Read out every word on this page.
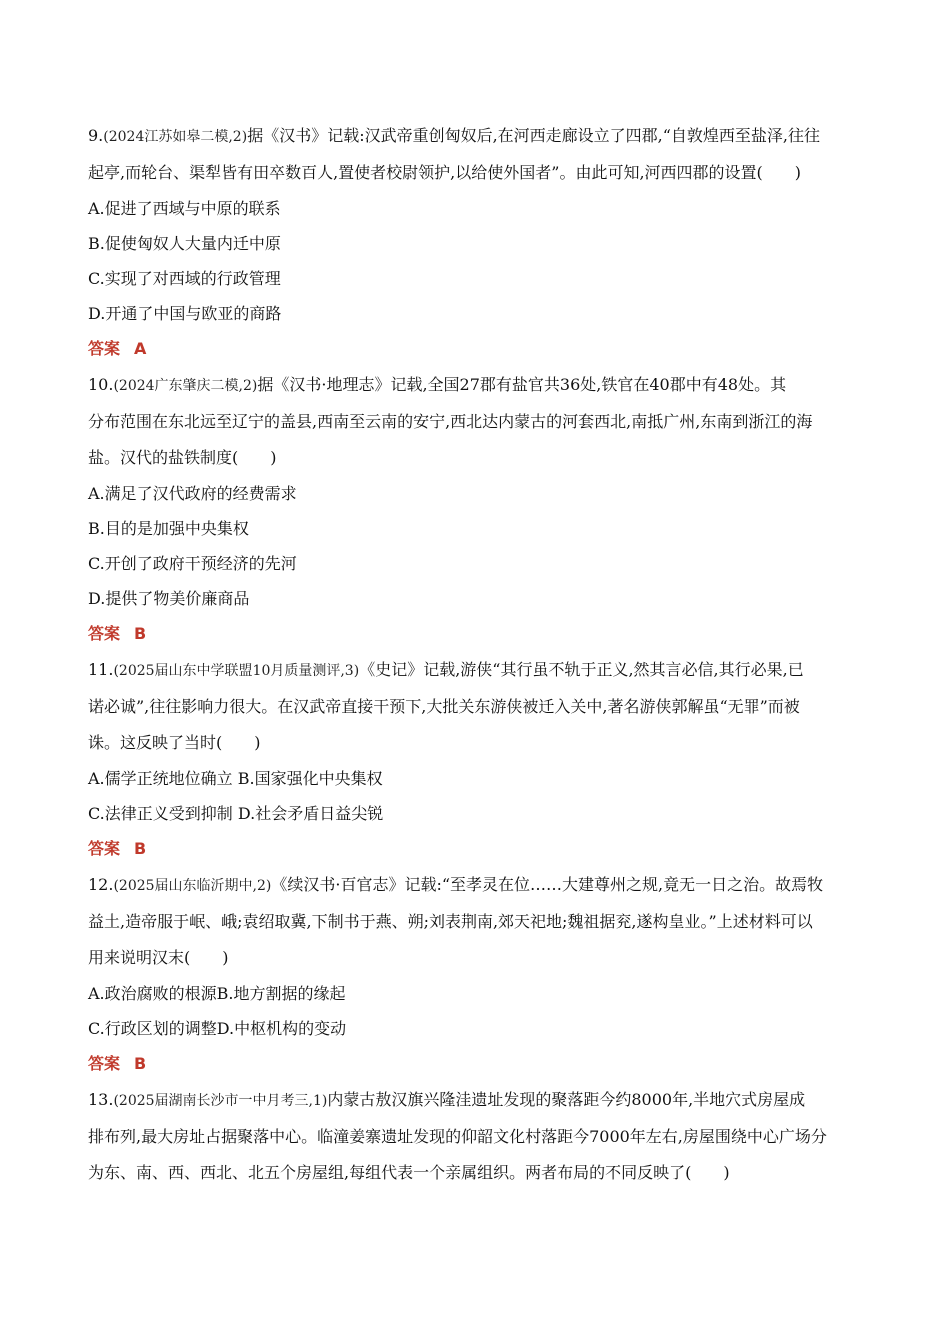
9.(2024江苏如皋二模,2)据《汉书》记载:汉武帝重创匈奴后,在河西走廊设立了四郡,“自敦煌西至盐泽,往往

起亭,而轮台、渠犁皆有田卒数百人,置使者校尉领护,以给使外国者”。由此可知,河西四郡的设置(　　)

A.促进了西域与中原的联系

B.促使匈奴人大量内迁中原

C.实现了对西域的行政管理

D.开通了中国与欧亚的商路

答案 A

10.(2024广东肇庆二模,2)据《汉书·地理志》记载,全国27郡有盐官共36处,铁官在40郡中有48处。其

分布范围在东北远至辽宁的盖县,西南至云南的安宁,西北达内蒙古的河套西北,南抵广州,东南到浙江的海

盐。汉代的盐铁制度(　　)

A.满足了汉代政府的经费需求

B.目的是加强中央集权

C.开创了政府干预经济的先河

D.提供了物美价廉商品

答案 B

11.(2025届山东中学联盟10月质量测评,3)《史记》记载,游侠“其行虽不轨于正义,然其言必信,其行必果,已

诺必诚”,往往影响力很大。在汉武帝直接干预下,大批关东游侠被迁入关中,著名游侠郭解虽“无罪”而被

诛。这反映了当时(　　)

A.儒学正统地位确立 B.国家强化中央集权

C.法律正义受到抑制 D.社会矛盾日益尖锐

答案 B

12.(2025届山东临沂期中,2)《续汉书·百官志》记载:“至孝灵在位……大建尊州之规,竟无一日之治。故焉牧

益土,造帝服于岷、峨;袁绍取冀,下制书于燕、朔;刘表荆南,郊天祀地;魏祖据兖,遂构皇业。”上述材料可以

用来说明汉末(　　)

A.政治腐败的根源B.地方割据的缘起

C.行政区划的调整D.中枢机构的变动

答案 B

13.(2025届湖南长沙市一中月考三,1)内蒙古敖汉旗兴隆洼遗址发现的聚落距今约8000年,半地穴式房屋成

排布列,最大房址占据聚落中心。临潼姜寨遗址发现的仰韶文化村落距今7000年左右,房屋围绕中心广场分

为东、南、西、西北、北五个房屋组,每组代表一个亲属组织。两者布局的不同反映了(　　)
